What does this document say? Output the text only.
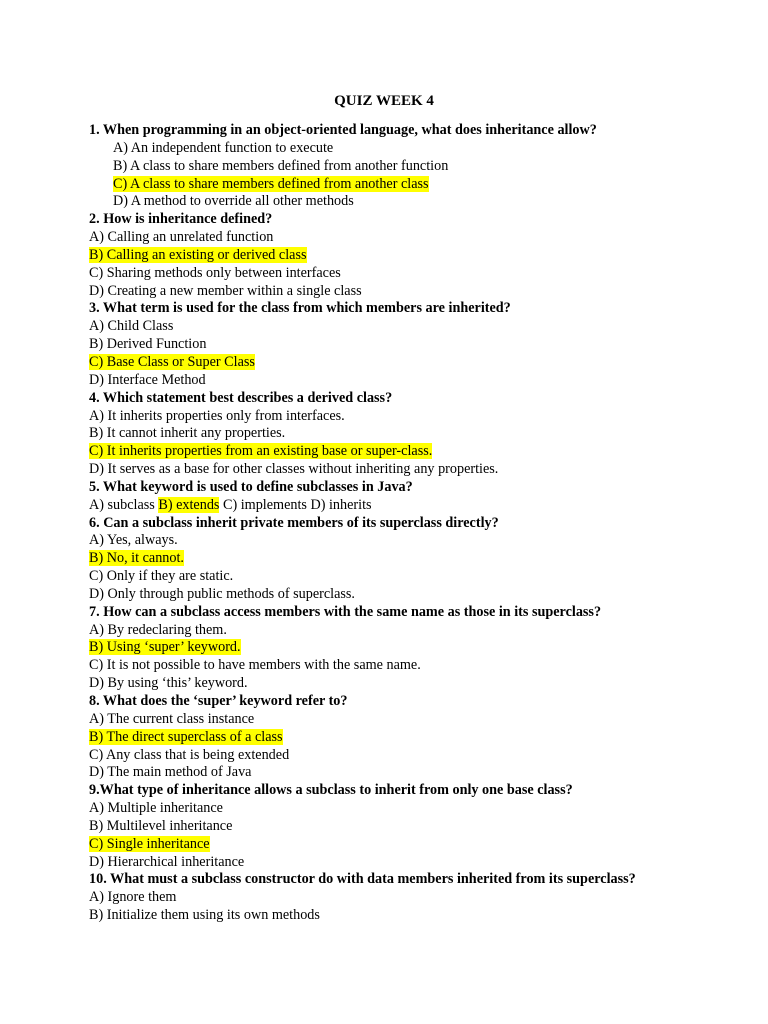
QUIZ WEEK 4
1. When programming in an object-oriented language, what does inheritance allow?
A) An independent function to execute
B) A class to share members defined from another function
C) A class to share members defined from another class
D) A method to override all other methods
2. How is inheritance defined?
A) Calling an unrelated function
B) Calling an existing or derived class
C) Sharing methods only between interfaces
D) Creating a new member within a single class
3. What term is used for the class from which members are inherited?
A) Child Class
B) Derived Function
C) Base Class or Super Class
D) Interface Method
4. Which statement best describes a derived class?
A) It inherits properties only from interfaces.
B) It cannot inherit any properties.
C) It inherits properties from an existing base or super-class.
D) It serves as a base for other classes without inheriting any properties.
5. What keyword is used to define subclasses in Java?
A) subclass B) extends C) implements D) inherits
6. Can a subclass inherit private members of its superclass directly?
A) Yes, always.
B) No, it cannot.
C) Only if they are static.
D) Only through public methods of superclass.
7. How can a subclass access members with the same name as those in its superclass?
A) By redeclaring them.
B) Using ‘super’ keyword.
C) It is not possible to have members with the same name.
D) By using ‘this’ keyword.
8. What does the ‘super’ keyword refer to?
A) The current class instance
B) The direct superclass of a class
C) Any class that is being extended
D) The main method of Java
9.What type of inheritance allows a subclass to inherit from only one base class?
A) Multiple inheritance
B) Multilevel inheritance
C) Single inheritance
D) Hierarchical inheritance
10. What must a subclass constructor do with data members inherited from its superclass?
A) Ignore them
B) Initialize them using its own methods
